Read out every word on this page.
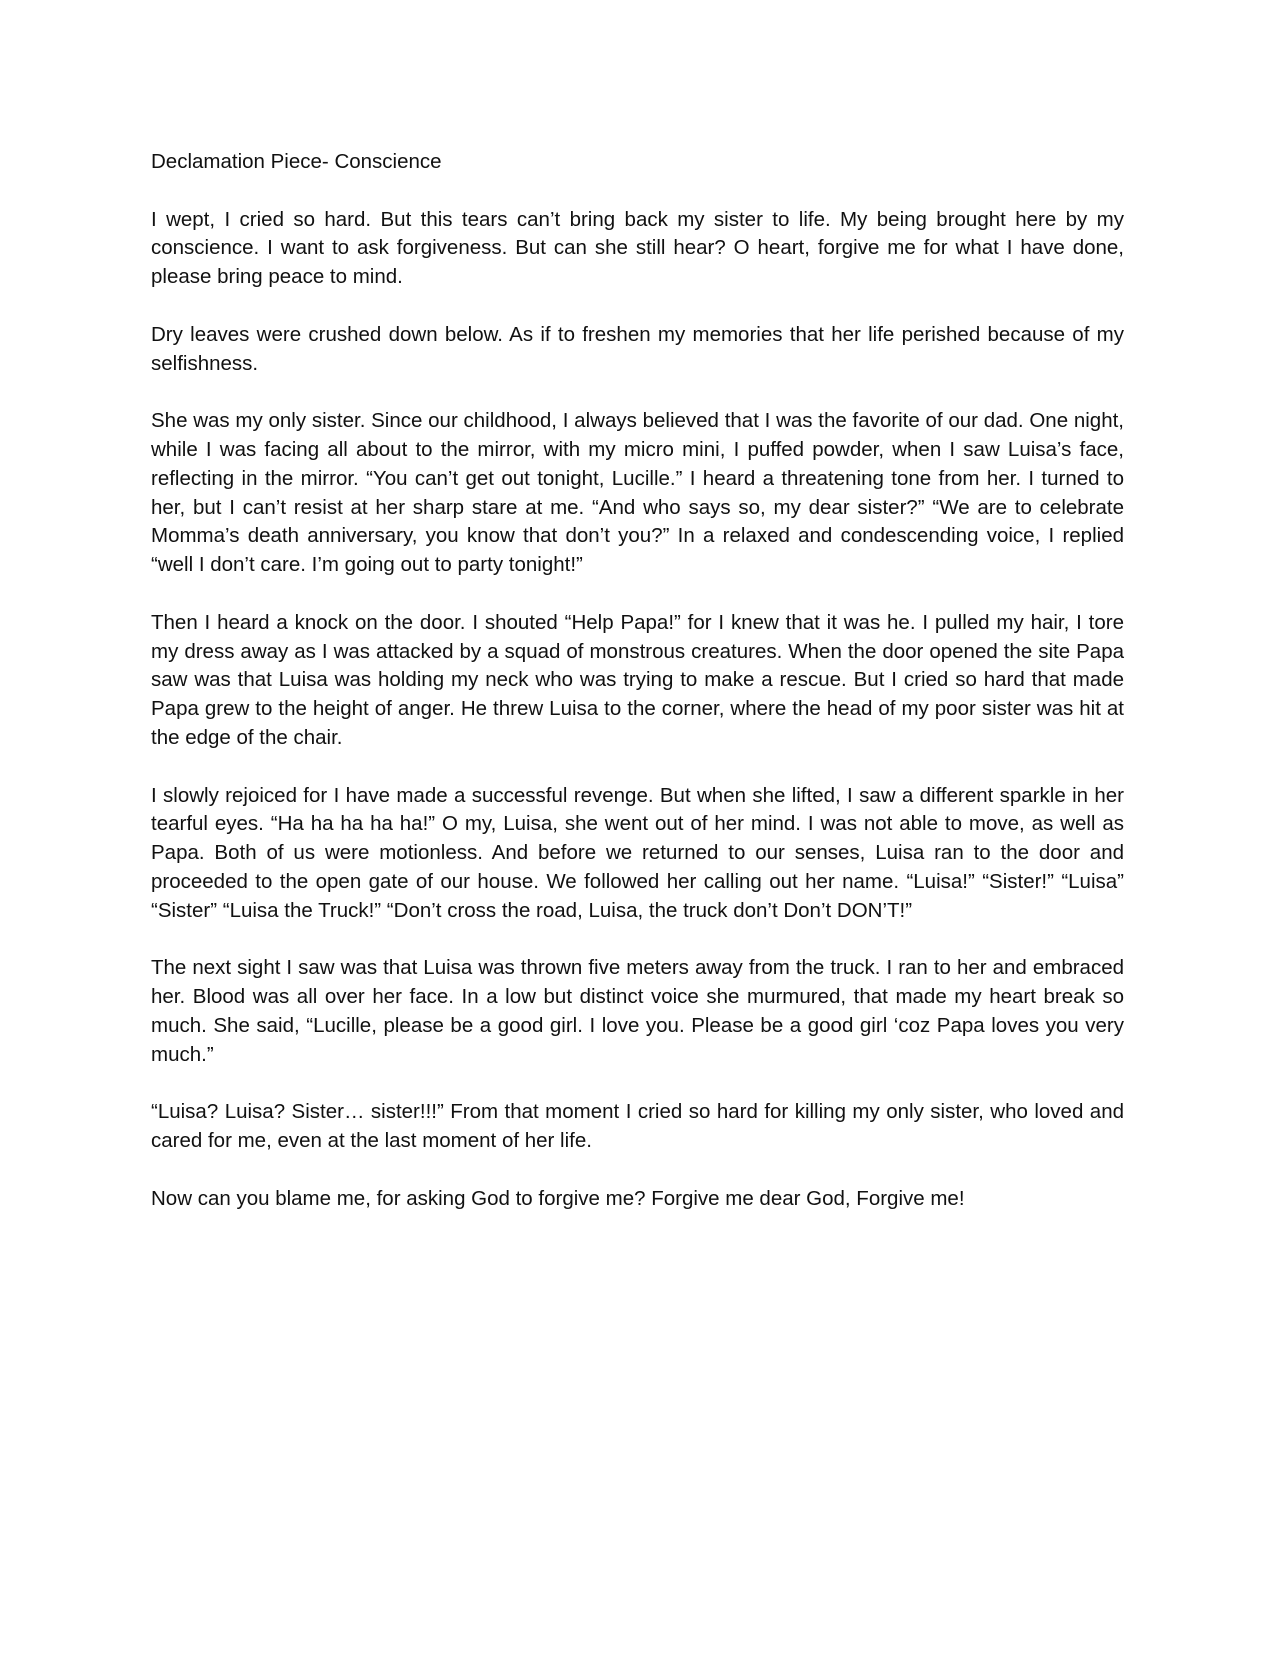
Declamation Piece- Conscience

I wept, I cried so hard. But this tears can’t bring back my sister to life. My being brought here by my conscience. I want to ask forgiveness. But can she still hear? O heart, forgive me for what I have done, please bring peace to mind.

Dry leaves were crushed down below. As if to freshen my memories that her life perished because of my selfishness.

She was my only sister. Since our childhood, I always believed that I was the favorite of our dad. One night, while I was facing all about to the mirror, with my micro mini, I puffed powder, when I saw Luisa’s face, reflecting in the mirror. “You can’t get out tonight, Lucille.” I heard a threatening tone from her. I turned to her, but I can’t resist at her sharp stare at me. “And who says so, my dear sister?” “We are to celebrate Momma’s death anniversary, you know that don’t you?” In a relaxed and condescending voice, I replied “well I don’t care. I’m going out to party tonight!”

Then I heard a knock on the door. I shouted “Help Papa!” for I knew that it was he. I pulled my hair, I tore my dress away as I was attacked by a squad of monstrous creatures. When the door opened the site Papa saw was that Luisa was holding my neck who was trying to make a rescue. But I cried so hard that made Papa grew to the height of anger. He threw Luisa to the corner, where the head of my poor sister was hit at the edge of the chair.

I slowly rejoiced for I have made a successful revenge. But when she lifted, I saw a different sparkle in her tearful eyes. “Ha ha ha ha ha!” O my, Luisa, she went out of her mind. I was not able to move, as well as Papa. Both of us were motionless. And before we returned to our senses, Luisa ran to the door and proceeded to the open gate of our house. We followed her calling out her name. “Luisa!” “Sister!” “Luisa” “Sister” “Luisa the Truck!” “Don’t cross the road, Luisa, the truck don’t Don’t DON’T!”

The next sight I saw was that Luisa was thrown five meters away from the truck. I ran to her and embraced her. Blood was all over her face. In a low but distinct voice she murmured, that made my heart break so much. She said, “Lucille, please be a good girl. I love you. Please be a good girl ‘coz Papa loves you very much.”

“Luisa? Luisa? Sister… sister!!!” From that moment I cried so hard for killing my only sister, who loved and cared for me, even at the last moment of her life.

Now can you blame me, for asking God to forgive me? Forgive me dear God, Forgive me!
